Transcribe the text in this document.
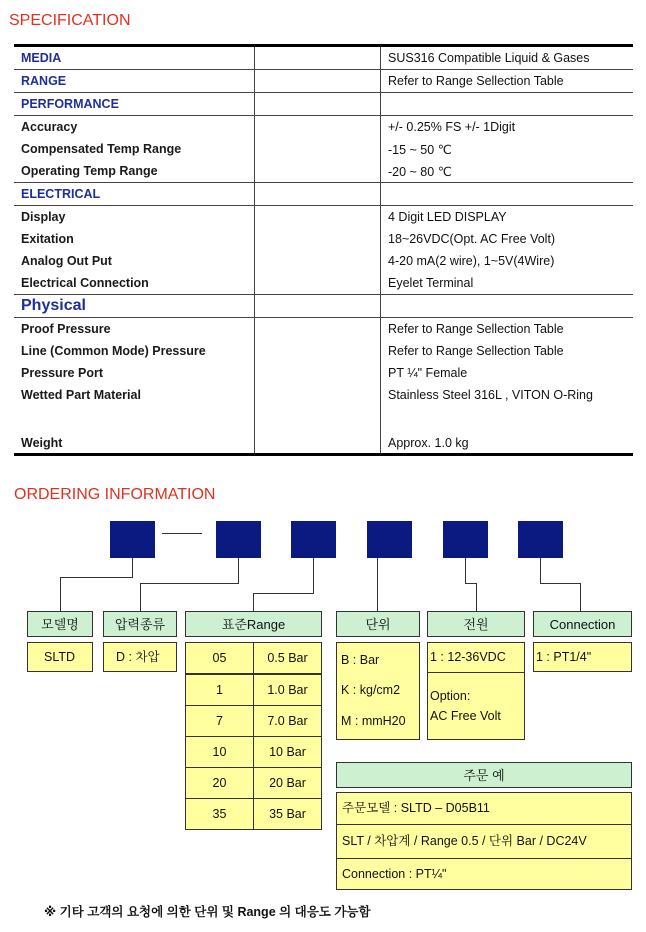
SPECIFICATION
MEDIA		SUS316 Compatible Liquid & Gases
RANGE		Refer to Range Sellection Table
PERFORMANCE		
Accuracy		+/- 0.25% FS +/- 1Digit
Compensated Temp Range		-15 ~ 50 ℃
Operating Temp Range		-20 ~ 80 ℃
ELECTRICAL		
Display		4 Digit LED DISPLAY
Exitation		18~26VDC(Opt. AC Free Volt)
Analog Out Put		4-20 mA(2 wire), 1~5V(4Wire)
Electrical Connection		Eyelet Terminal
Physical		
Proof Pressure		Refer to Range Sellection Table
Line (Common Mode) Pressure		Refer to Range Sellection Table
Pressure Port		PT ¼" Female
Wetted Part Material		Stainless Steel 316L , VITON O-Ring
Weight		Approx. 1.0 kg
ORDERING INFORMATION
모델명
SLTD
압력종류
D : 차압
표준Range
05	0.5 Bar
1	1.0 Bar
7	7.0 Bar
10	10 Bar
20	20 Bar
35	35 Bar
단위
B : Bar
K : kg/cm2
M : mmH20
전원
1 : 12-36VDC
Option:
AC Free Volt
Connection
1 : PT1/4"
주문 예
주문모델 : SLTD – D05B11
SLT / 차압계 / Range 0.5 / 단위 Bar / DC24V
Connection : PT¼"
※ 기타 고객의 요청에 의한 단위 및 Range 의 대응도 가능함
